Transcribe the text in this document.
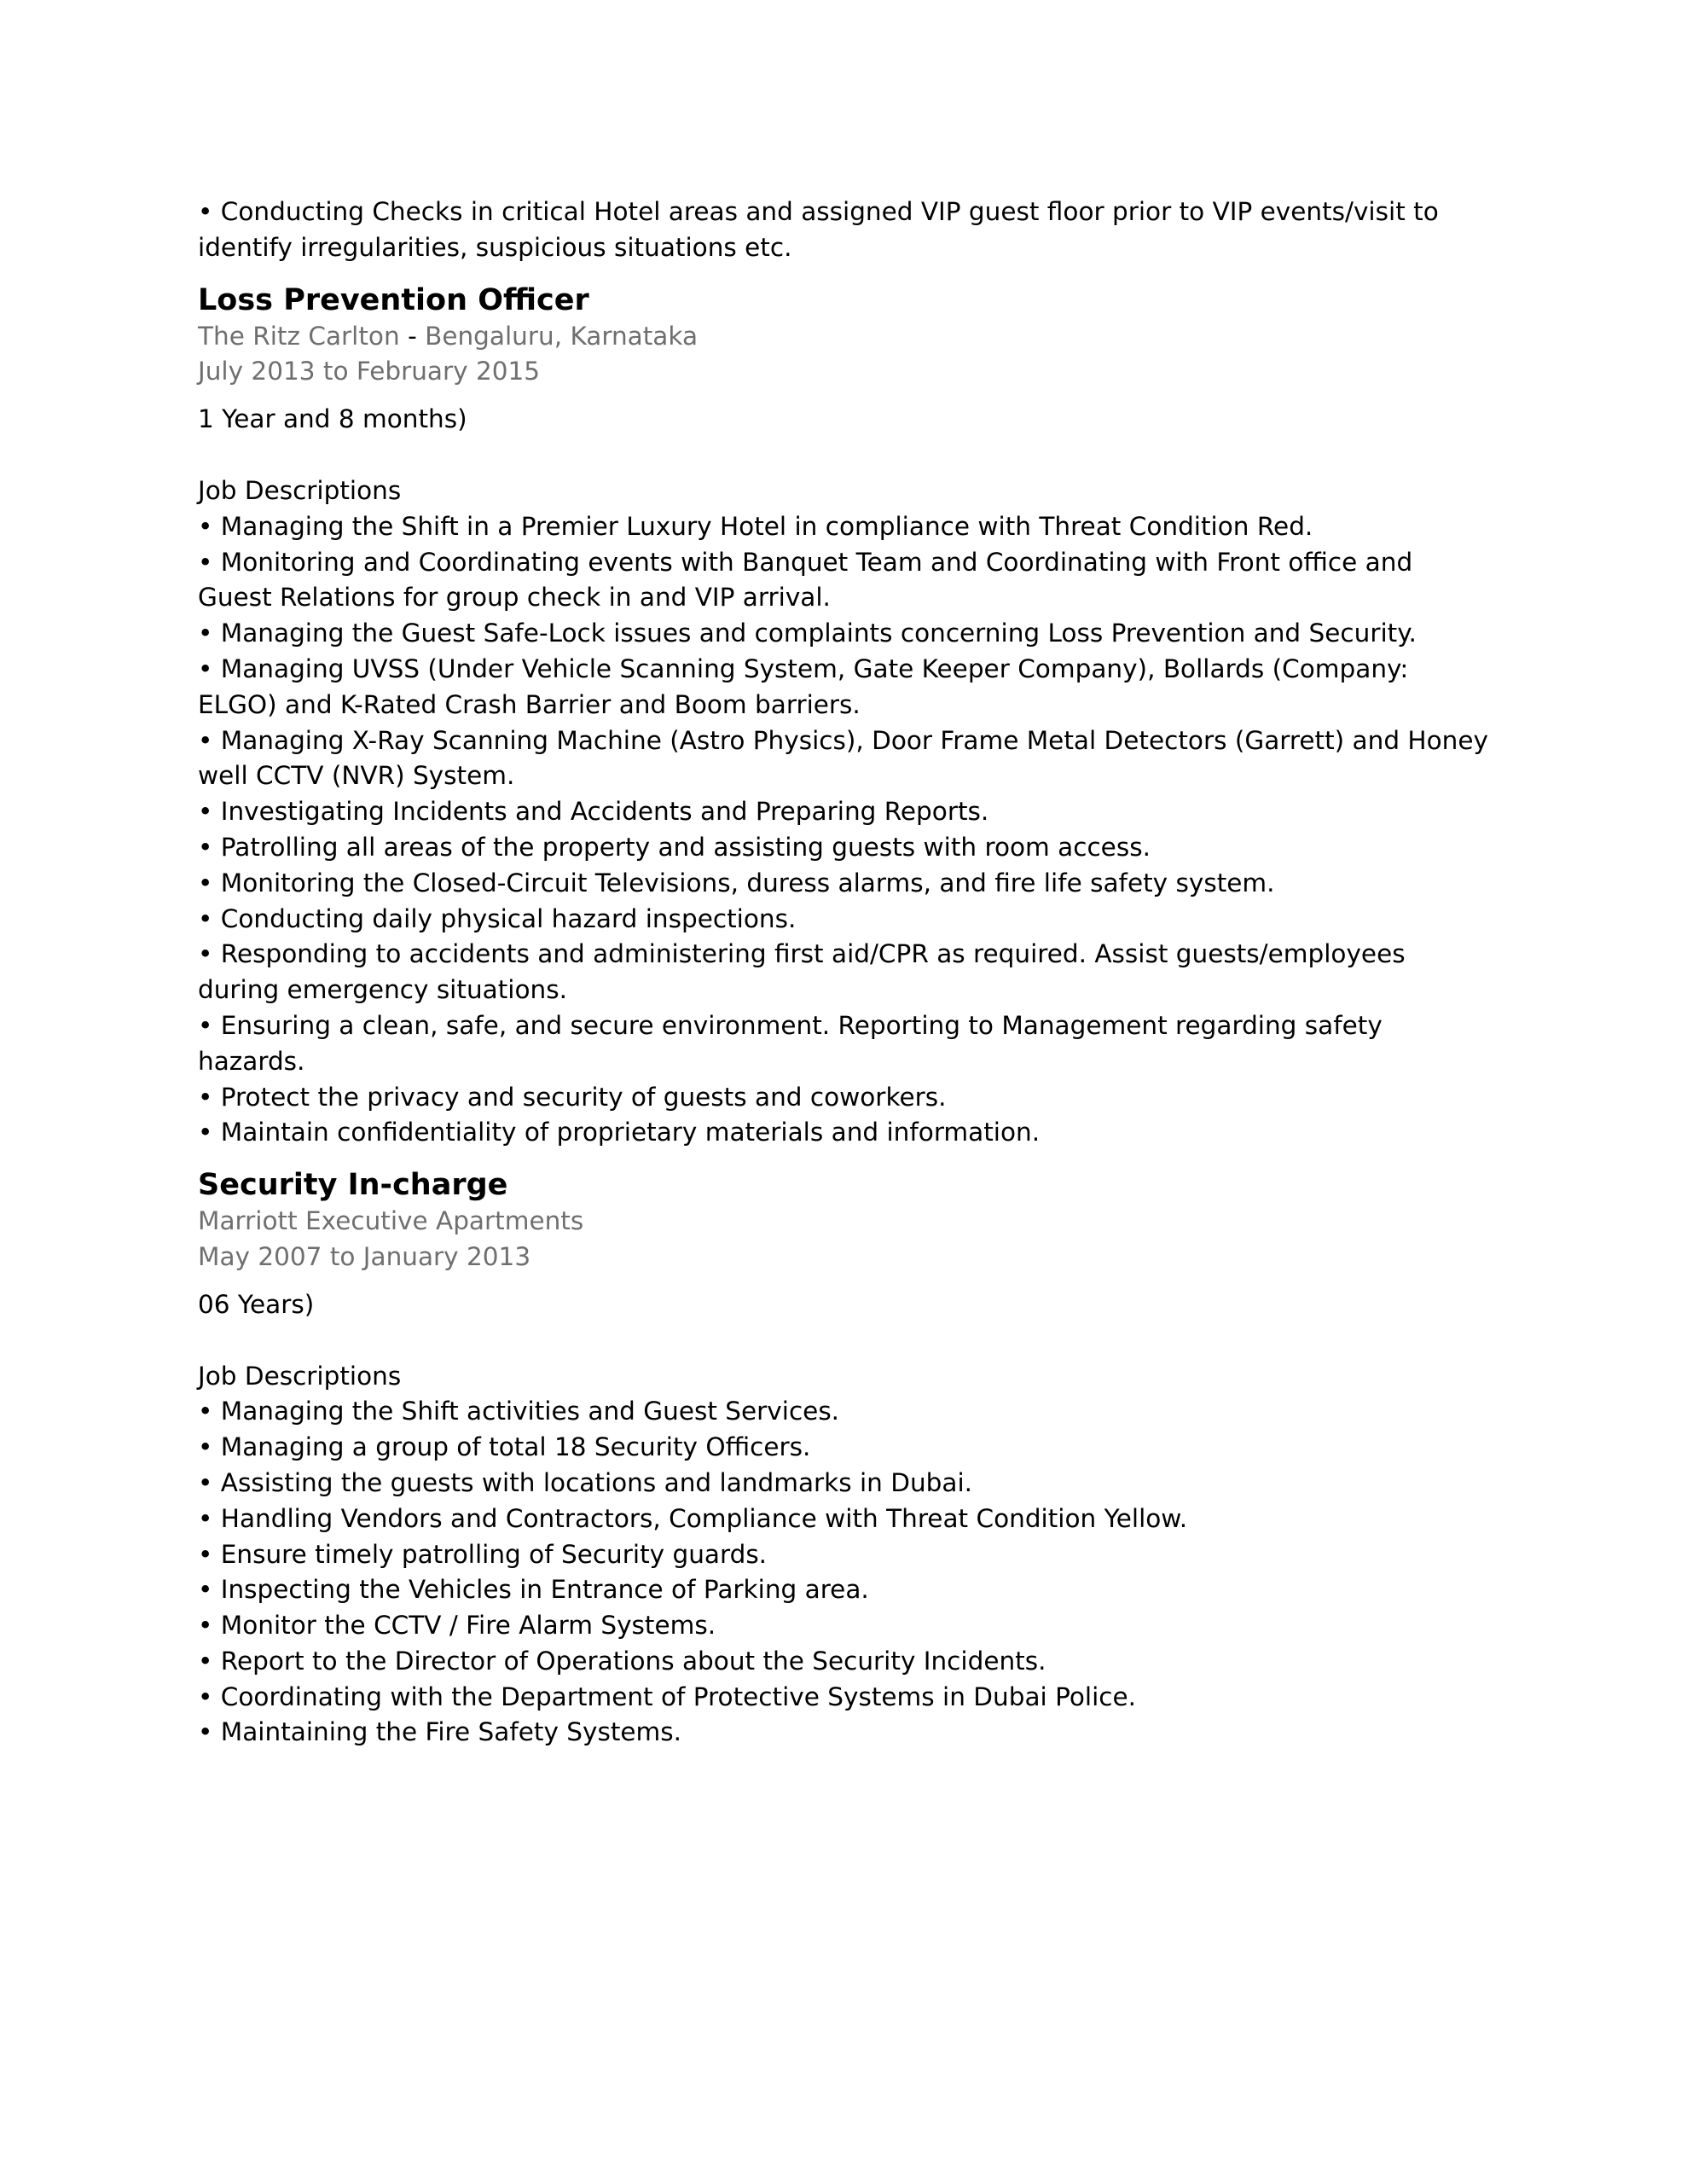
• Conducting Checks in critical Hotel areas and assigned VIP guest floor prior to VIP events/visit to identify irregularities, suspicious situations etc.

Loss Prevention Officer

The Ritz Carlton - Bengaluru, Karnataka

July 2013 to February 2015

1 Year and 8 months)

Job Descriptions

• Managing the Shift in a Premier Luxury Hotel in compliance with Threat Condition Red.
• Monitoring and Coordinating events with Banquet Team and Coordinating with Front office and Guest Relations for group check in and VIP arrival.
• Managing the Guest Safe-Lock issues and complaints concerning Loss Prevention and Security.
• Managing UVSS (Under Vehicle Scanning System, Gate Keeper Company), Bollards (Company: ELGO) and K-Rated Crash Barrier and Boom barriers.
• Managing X-Ray Scanning Machine (Astro Physics), Door Frame Metal Detectors (Garrett) and Honey well CCTV (NVR) System.
• Investigating Incidents and Accidents and Preparing Reports.
• Patrolling all areas of the property and assisting guests with room access.
• Monitoring the Closed-Circuit Televisions, duress alarms, and fire life safety system.
• Conducting daily physical hazard inspections.
• Responding to accidents and administering first aid/CPR as required. Assist guests/employees during emergency situations.
• Ensuring a clean, safe, and secure environment. Reporting to Management regarding safety hazards.
• Protect the privacy and security of guests and coworkers.
• Maintain confidentiality of proprietary materials and information.
Security In-charge

Marriott Executive Apartments

May 2007 to January 2013

06 Years)

Job Descriptions

• Managing the Shift activities and Guest Services.
• Managing a group of total 18 Security Officers.
• Assisting the guests with locations and landmarks in Dubai.
• Handling Vendors and Contractors, Compliance with Threat Condition Yellow.
• Ensure timely patrolling of Security guards.
• Inspecting the Vehicles in Entrance of Parking area.
• Monitor the CCTV / Fire Alarm Systems.
• Report to the Director of Operations about the Security Incidents.
• Coordinating with the Department of Protective Systems in Dubai Police.
• Maintaining the Fire Safety Systems.
